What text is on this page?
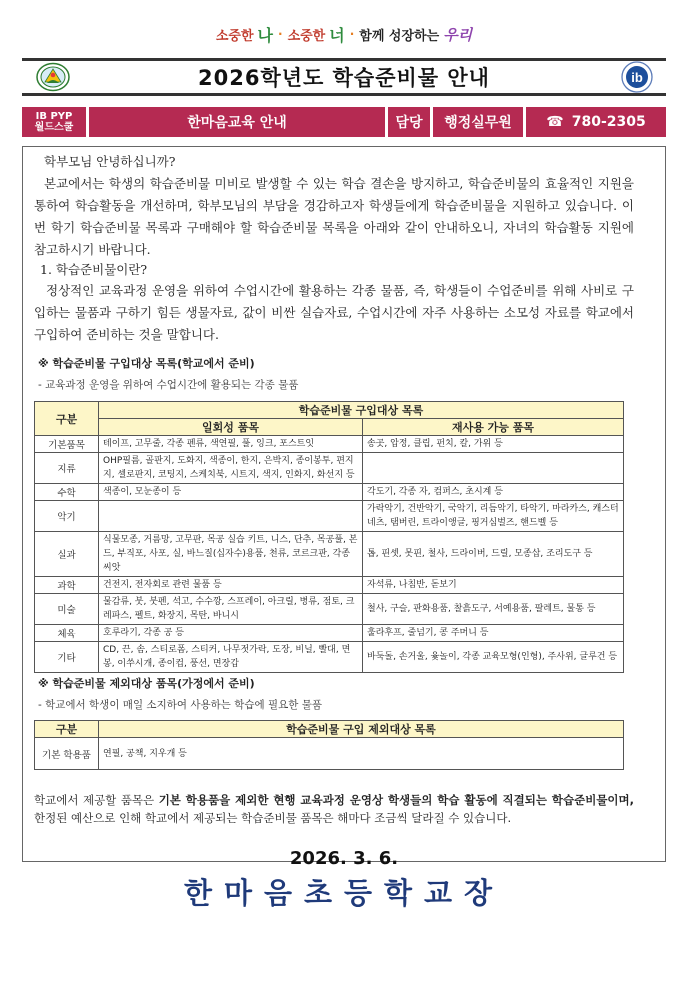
소중한 나 · 소중한 너 · 함께 성장하는 우리
2026학년도 학습준비물 안내	ib
IB PYP
월드스쿨	한마음교육 안내	담당	행정실무원	☎ 780-2305
학부모님 안녕하십니까?
본교에서는 학생의 학습준비물 미비로 발생할 수 있는 학습 결손을 방지하고, 학습준비물의 효율적인 지원을 통하여 학습활동을 개선하며, 학부모님의 부담을 경감하고자 학생들에게 학습준비물을 지원하고 있습니다. 이번 학기 학습준비물 목록과 구매해야 할 학습준비물 목록을 아래와 같이 안내하오니, 자녀의 학습활동 지원에 참고하시기 바랍니다.
1. 학습준비물이란?
정상적인 교육과정 운영을 위하여 수업시간에 활용하는 각종 물품, 즉, 학생들이 수업준비를 위해 사비로 구입하는 물품과 구하기 힘든 생물자료, 값이 비싼 실습자료, 수업시간에 자주 사용하는 소모성 자료를 학교에서 구입하여 준비하는 것을 말합니다.
※ 학습준비물 구입대상 목록(학교에서 준비)
- 교육과정 운영을 위하여 수업시간에 활용되는 각종 물품
구분	학습준비물 구입대상 목록	
	일회성 품목	재사용 가능 품목
기본품목	테이프, 고무줄, 각종 펜류, 색연필, 풀, 잉크, 포스트잇	송곳, 압정, 클립, 펀치, 칼, 가위 등
지류	OHP필름, 골판지, 도화지, 색종이, 한지, 은박지, 종이봉투, 편지지, 셀로판지, 코팅지, 스케치북, 시트지, 색지, 인화지, 화선지 등	
수학	색종이, 모눈종이 등	각도기, 각종 자, 컴퍼스, 초시계 등
악기		가락악기, 건반악기, 국악기, 리듬악기, 타악기, 마라카스, 캐스터네츠, 탬버린, 트라이앵글, 핑거심벌즈, 핸드벨 등
실과	식물모종, 거름망, 고무판, 목공 실습 키트, 니스, 단추, 목공풀, 본드, 부직포, 사포, 실, 바느질(십자수)용품, 천류, 코르크판, 각종 씨앗	톱, 핀셋, 못핀, 철사, 드라이버, 드릴, 모종삽, 조리도구 등
과학	건전지, 전자회로 관련 물품 등	자석류, 나침반, 돋보기
미술	물감류, 붓, 붓펜, 석고, 수수깡, 스프레이, 아크릴, 병류, 점토, 크레파스, 펠트, 화장지, 목탄, 바니시	철사, 구슬, 판화용품, 찰흙도구, 서예용품, 팔레트, 물통 등
체육	호루라기, 각종 공 등	훌라후프, 줄넘기, 콩 주머니 등
기타	CD, 끈, 솜, 스티로폼, 스티커, 나무젓가락, 도장, 비닐, 빨대, 면봉, 이쑤시개, 종이컵, 풍선, 면장갑	바둑돌, 손거울, 윷놀이, 각종 교육모형(인형), 주사위, 글루건 등
※ 학습준비물 제외대상 품목(가정에서 준비)
- 학교에서 학생이 매일 소지하여 사용하는 학습에 필요한 물품
구분	학습준비물 구입 제외대상 목록
기본 학용품	연필, 공책, 지우개 등
학교에서 제공할 품목은 기본 학용품을 제외한 현행 교육과정 운영상 학생들의 학습 활동에 직결되는 학습준비물이며, 한정된 예산으로 인해 학교에서 제공되는 학습준비물 품목은 해마다 조금씩 달라질 수 있습니다.
2026. 3. 6.
한마음초등학교장
